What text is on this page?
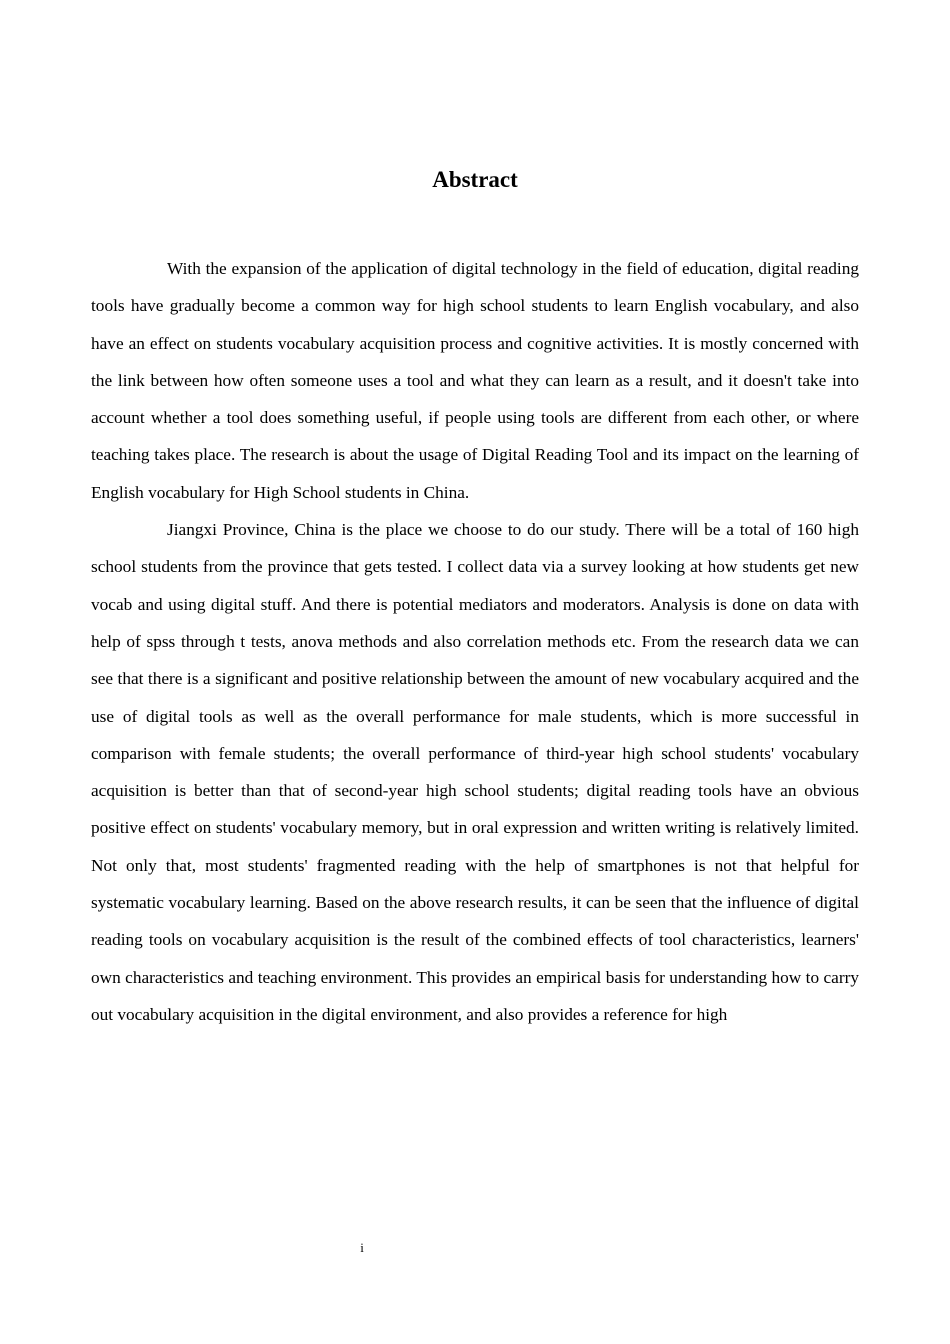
Abstract

With the expansion of the application of digital technology in the field of education, digital reading tools have gradually become a common way for high school students to learn English vocabulary, and also have an effect on students vocabulary acquisition process and cognitive activities. It is mostly concerned with the link between how often someone uses a tool and what they can learn as a result, and it doesn't take into account whether a tool does something useful, if people using tools are different from each other, or where teaching takes place. The research is about the usage of Digital Reading Tool and its impact on the learning of English vocabulary for High School students in China.

Jiangxi Province, China is the place we choose to do our study. There will be a total of 160 high school students from the province that gets tested. I collect data via a survey looking at how students get new vocab and using digital stuff. And there is potential mediators and moderators. Analysis is done on data with help of spss through t tests, anova methods and also correlation methods etc. From the research data we can see that there is a significant and positive relationship between the amount of new vocabulary acquired and the use of digital tools as well as the overall performance for male students, which is more successful in comparison with female students; the overall performance of third-year high school students' vocabulary acquisition is better than that of second-year high school students; digital reading tools have an obvious positive effect on students' vocabulary memory, but in oral expression and written writing is relatively limited. Not only that, most students' fragmented reading with the help of smartphones is not that helpful for systematic vocabulary learning. Based on the above research results, it can be seen that the influence of digital reading tools on vocabulary acquisition is the result of the combined effects of tool characteristics, learners' own characteristics and teaching environment. This provides an empirical basis for understanding how to carry out vocabulary acquisition in the digital environment, and also provides a reference for high

i
